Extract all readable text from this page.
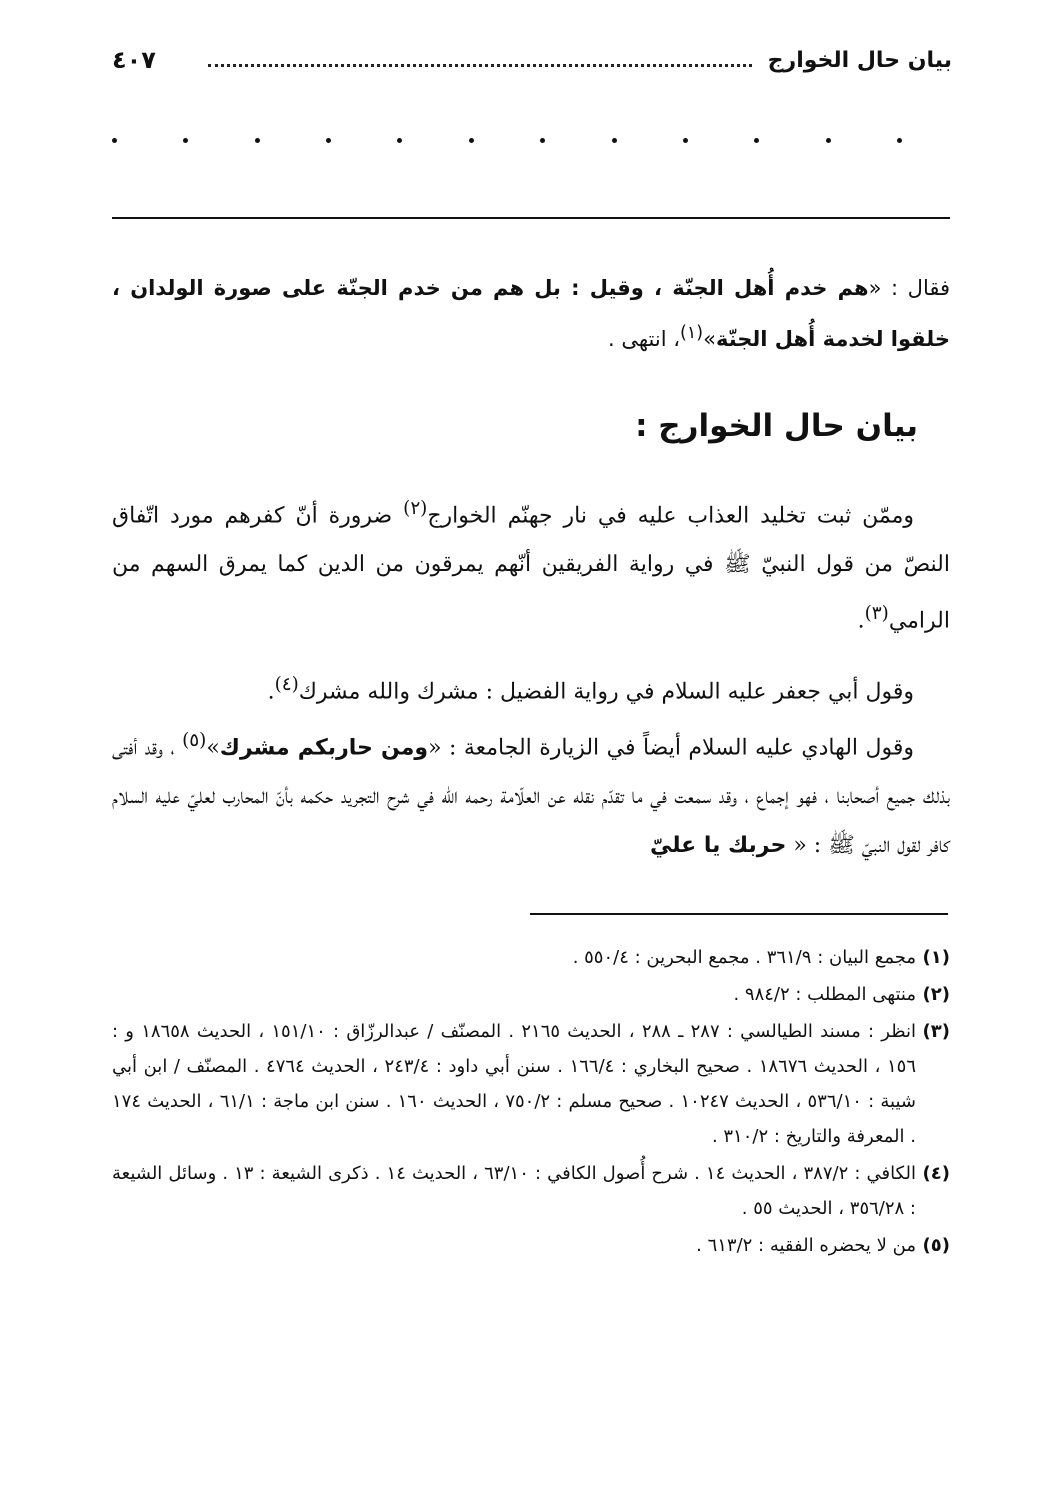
بيان حال الخوارج
٤٠٧
فقال : «هم خدم أُهل الجنّة ، وقيل : بل هم من خدم الجنّة على صورة الولدان ، خلقوا لخدمة أُهل الجنّة»$^{(١)}$، انتهى .
بيان حال الخوارج :
وممّن ثبت تخليد العذاب عليه في نار جهنّم الخوارج$^{(٢)}$ ضرورة أنّ كفرهم مورد اتّفاق النصّ من قول النبيّ ﷺ في رواية الفريقين أنّهم يمرقون من الدين كما يمرق السهم من الرامي$^{(٣)}$.
وقول أبي جعفر عليه السلام في رواية الفضيل : مشرك والله مشرك$^{(٤)}$.
وقول الهادي عليه السلام أيضاً في الزيارة الجامعة : «ومن حاربكم مشرك»$^{(٥)}$ ، وقد أفتى بذلك جميع أصحابنا ، فهو إجماع ، وقد سمعت في ما تقدّم نقله عن العلّامة رحمه الله في شرح التجريد حكمه بأنّ المحارب لعليّ عليه السلام كافر لقول النبيّ ﷺ : « حربك يا عليّ

(١)مجمع البيان : ٣٦١/٩ . مجمع البحرين : ٥٥٠/٤ .

(٢)منتهى المطلب : ٩٨٤/٢ .

(٣)انظر : مسند الطيالسي : ٢٨٧ ـ ٢٨٨ ، الحديث ٢١٦٥ . المصنّف / عبدالرزّاق : ١٥١/١٠ ، الحديث ١٨٦٥٨ و : ١٥٦ ، الحديث ١٨٦٧٦ . صحيح البخاري : ١٦٦/٤ . سنن أبي داود : ٢٤٣/٤ ، الحديث ٤٧٦٤ . المصنّف / ابن أبي شيبة : ٥٣٦/١٠ ، الحديث ١٠٢٤٧ . صحيح مسلم : ٧٥٠/٢ ، الحديث ١٦٠ . سنن ابن ماجة : ٦١/١ ، الحديث ١٧٤ . المعرفة والتاريخ : ٣١٠/٢ .

(٤)الكافي : ٣٨٧/٢ ، الحديث ١٤ . شرح أُصول الكافي : ٦٣/١٠ ، الحديث ١٤ . ذكرى الشيعة : ١٣ . وسائل الشيعة : ٣٥٦/٢٨ ، الحديث ٥٥ .

(٥)من لا يحضره الفقيه : ٦١٣/٢ .
